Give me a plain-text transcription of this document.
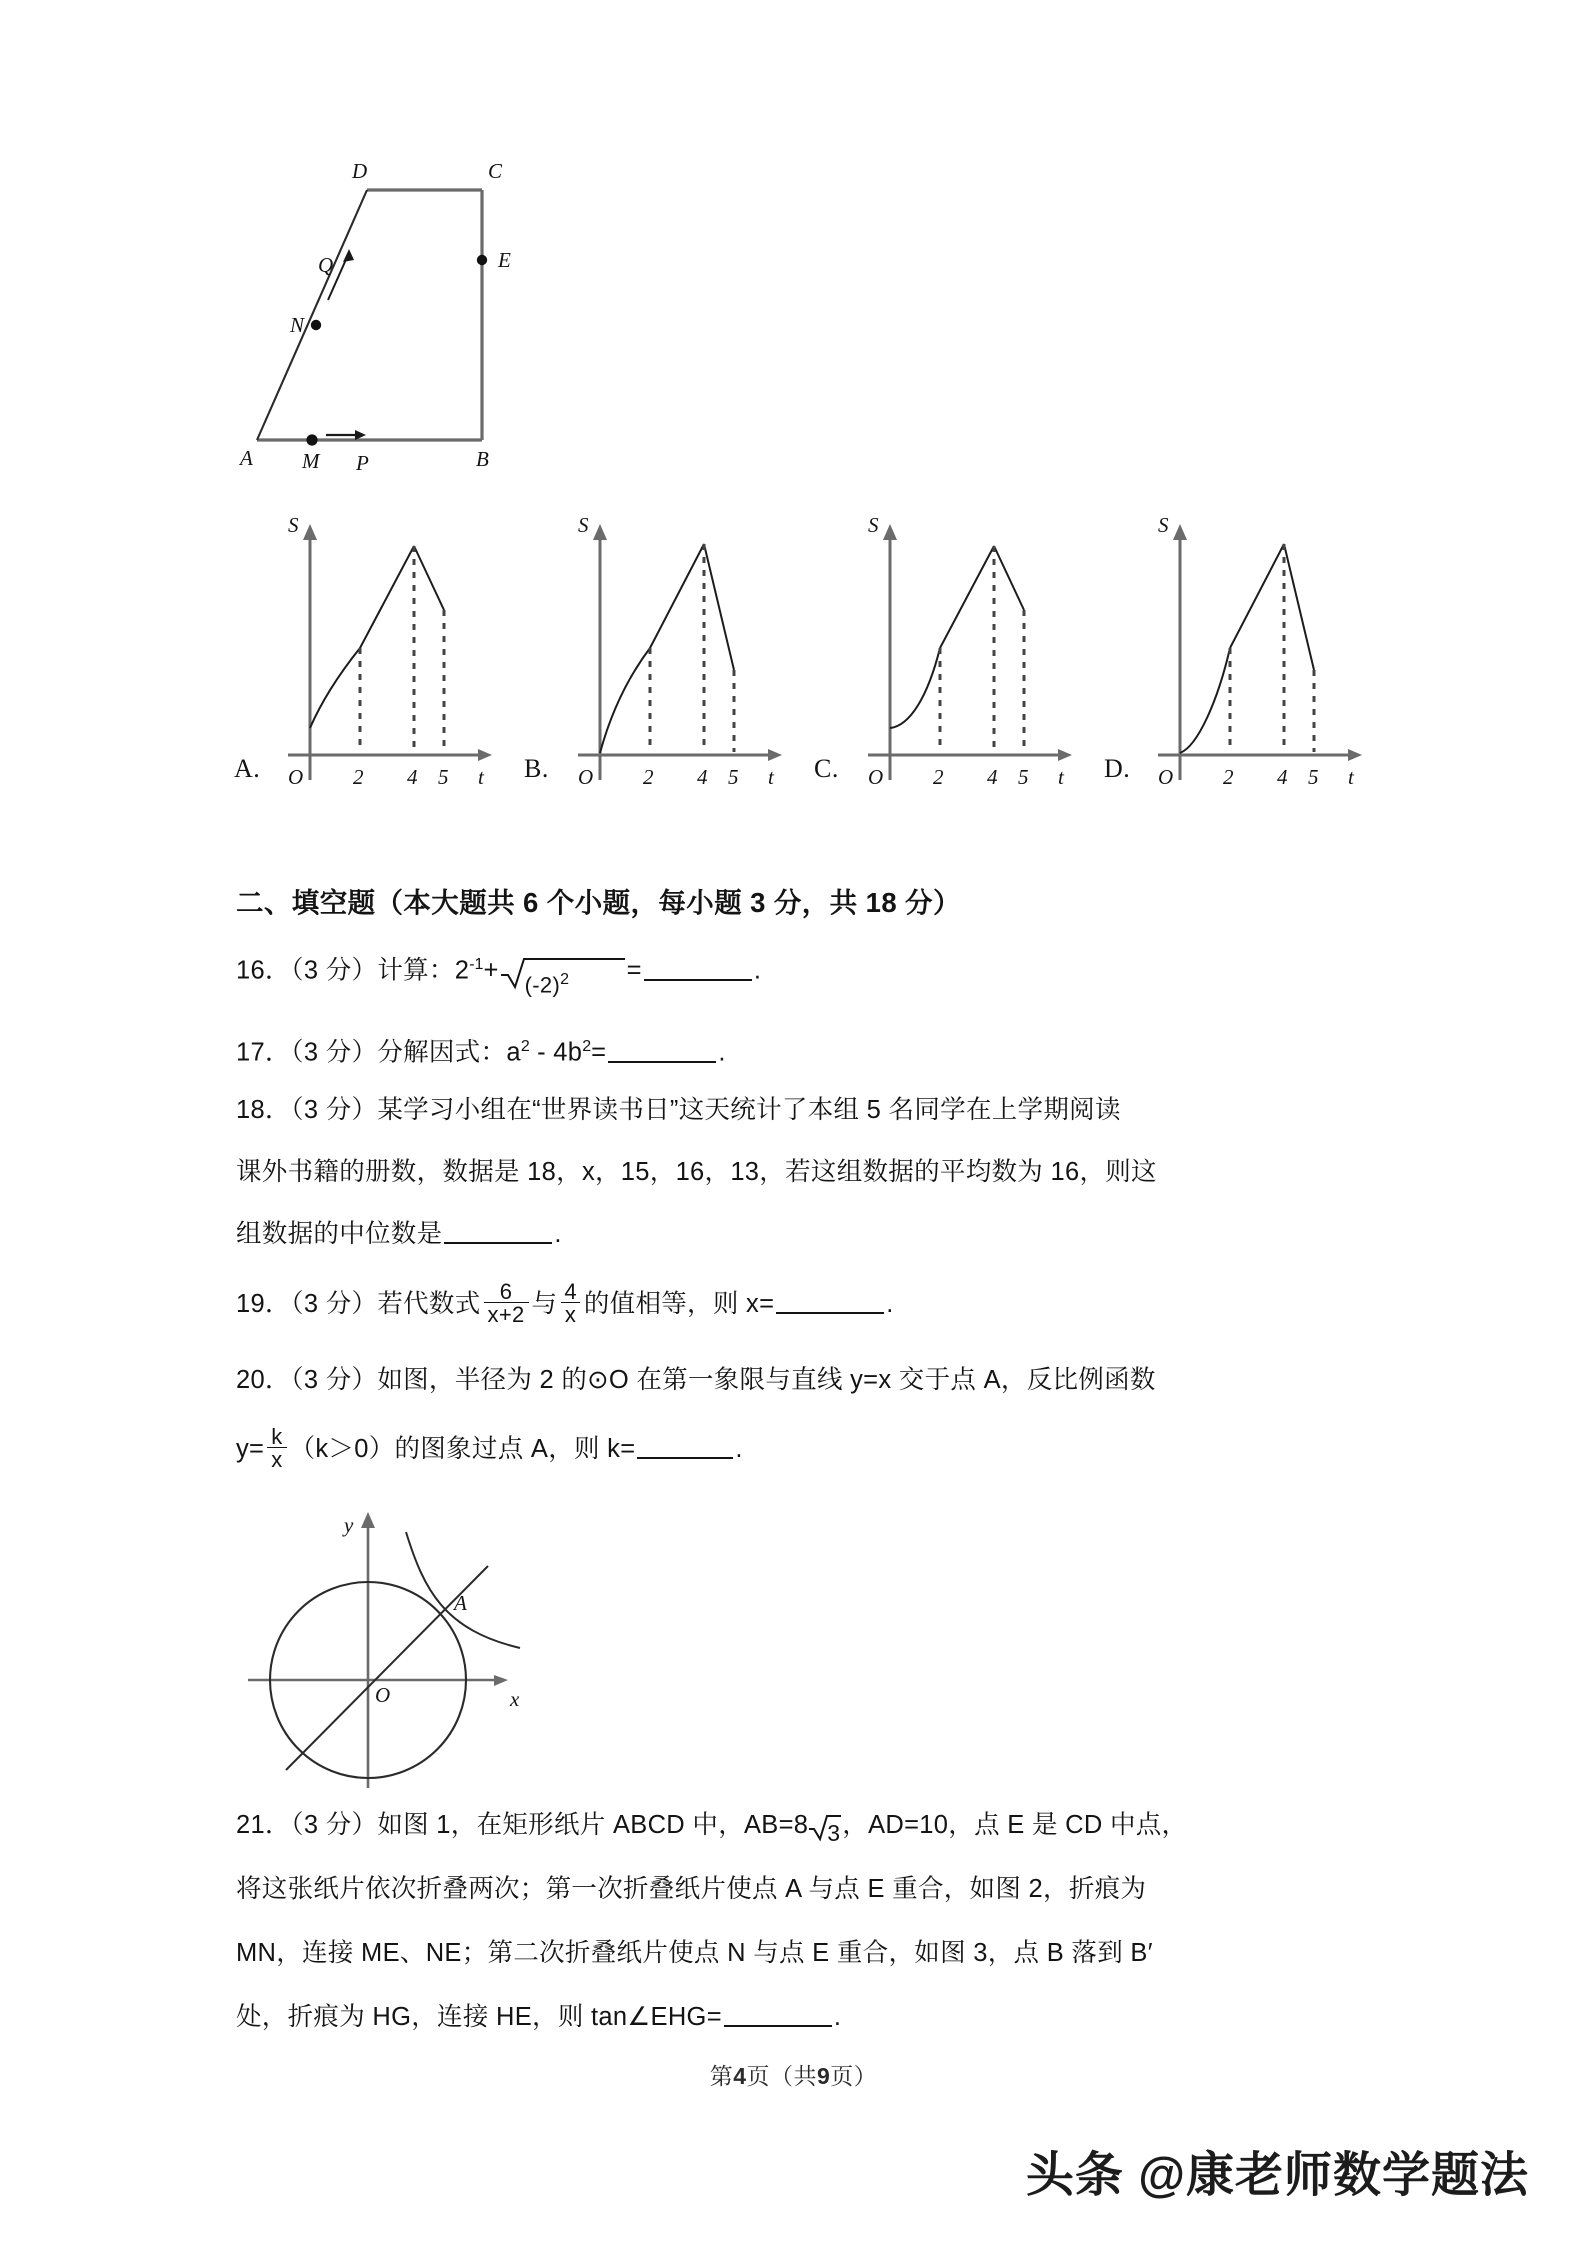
D	C
E
Q
N
A M P	B
A.
S
t
O 2 4 5	B.
S
t
O 2 4 5	C.
S
t
O 2 4 5	D.
S
t
O 2 4 5
二、填空题（本大题共 6 个小题，每小题 3 分，共 18 分）
16．（3 分）计算：$2^{-1}+$
$(-2)^2$ =	.
17．（3 分）分解因式：$a^2 - 4b^2=$	.
18．（3 分）某学习小组在“世界读书日”这天统计了本组 5 名同学在上学期阅读
课外书籍的册数，数据是 18，x，15，16，13，若这组数据的平均数为 16，则这
组数据的中位数是	.
19．（3 分）若代数式 $\frac{6}{x+2}$ 与 $\frac{4}{x}$ 的值相等，则 x=	.
20．（3 分）如图，半径为 2 的⊙O 在第一象限与直线 y=x 交于点 A，反比例函数
$y= \frac{k}{x} (k>0)$的图象过点 A，则 k=	.
y
x
O
A
21．（3 分）如图 1，在矩形纸片 ABCD 中，AB=8 3 ，AD=10，点 E 是 CD 中点，
将这张纸片依次折叠两次；第一次折叠纸片使点 A 与点 E 重合，如图 2，折痕为
MN，连接 ME、NE；第二次折叠纸片使点 N 与点 E 重合，如图 3，点 B 落到 B′
处，折痕为 HG，连接 HE，则 tan∠EHG=	.
第4页（共9页）
头条 @康老师数学题法
